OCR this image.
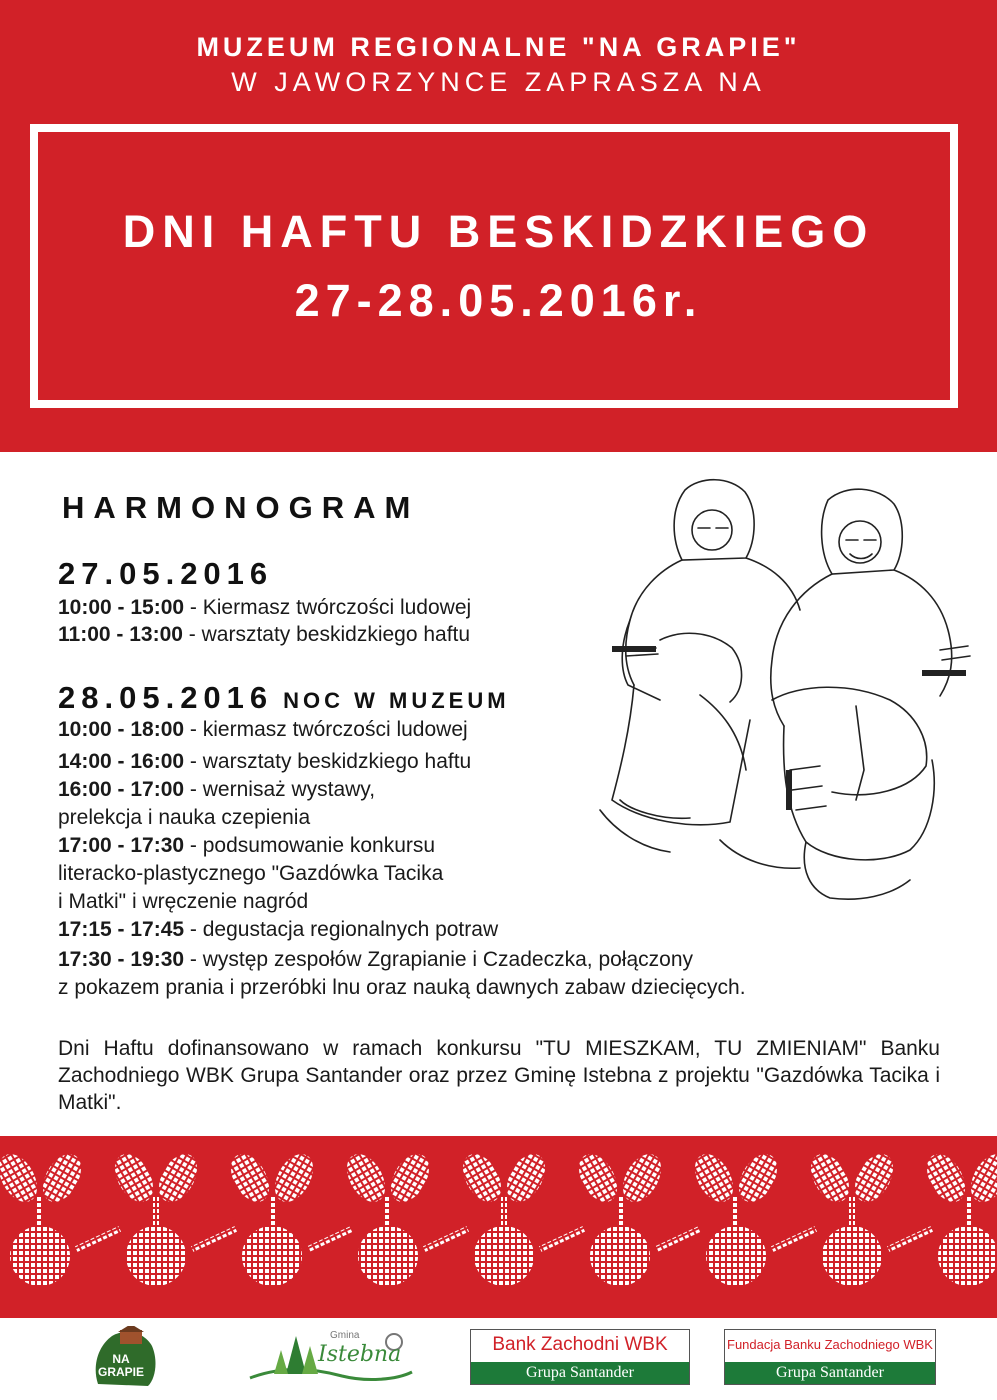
MUZEUM REGIONALNE "NA GRAPIE"
W JAWORZYNCE ZAPRASZA NA
DNI HAFTU BESKIDZKIEGO
27-28.05.2016r.
HARMONOGRAM
27.05.2016
10:00 - 15:00 - Kiermasz twórczości ludowej
11:00 - 13:00 - warsztaty beskidzkiego haftu
28.05.2016 NOC W MUZEUM
10:00 - 18:00 - kiermasz twórczości ludowej
14:00 - 16:00 - warsztaty beskidzkiego haftu
16:00 - 17:00 - wernisaż wystawy,
prelekcja i nauka czepienia
17:00 - 17:30 - podsumowanie konkursu
literacko-plastycznego "Gazdówka Tacika
i Matki" i wręczenie nagród
17:15 - 17:45 - degustacja regionalnych potraw
17:30 - 19:30 - występ zespołów Zgrapianie i Czadeczka, połączony
z pokazem prania i przeróbki lnu oraz nauką dawnych zabaw dziecięcych.
Dni Haftu dofinansowano w ramach konkursu "TU MIESZKAM, TU ZMIENIAM" Banku Zachodniego WBK Grupa Santander oraz przez Gminę Istebna z projektu "Gazdówka Tacika i Matki".
NA GRAPIE
Gmina
Istebna	Bank Zachodni WBK
Grupa Santander
Fundacja Banku Zachodniego WBK
Grupa Santander
